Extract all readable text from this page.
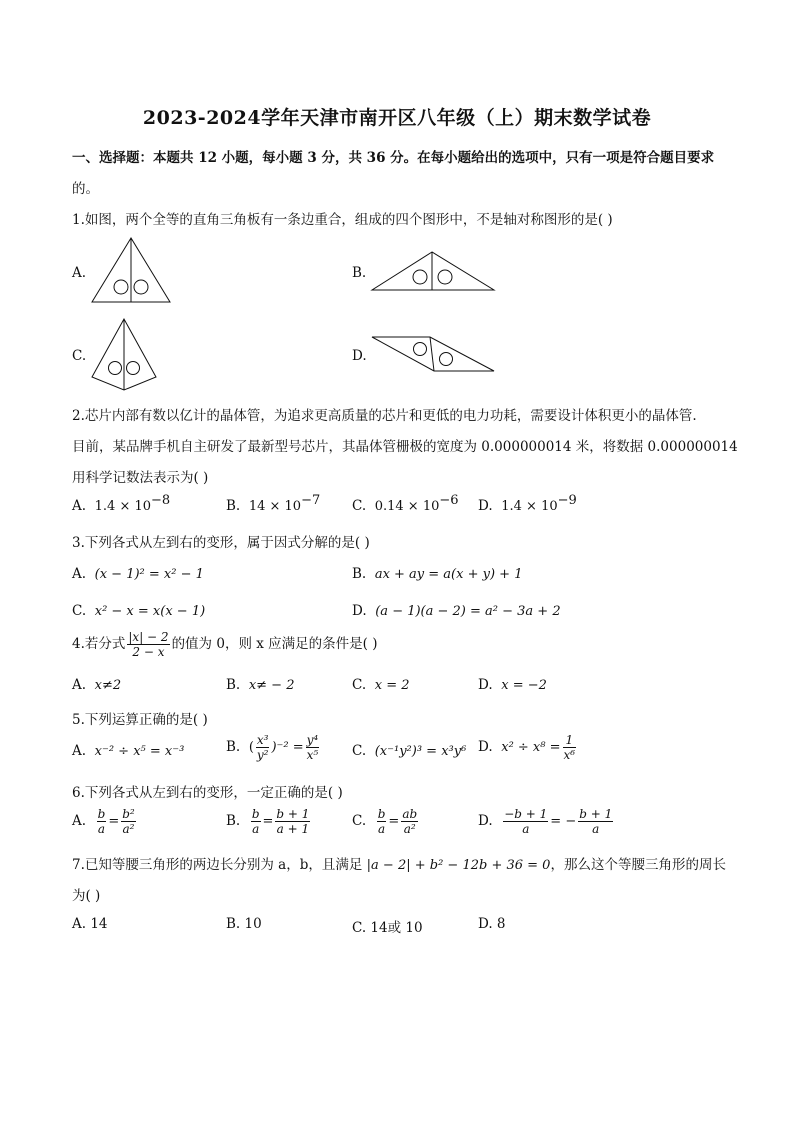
2023-2024学年天津市南开区八年级（上）期末数学试卷
一、选择题：本题共 12 小题，每小题 3 分，共 36 分。在每小题给出的选项中，只有一项是符合题目要求
的。
1.如图，两个全等的直角三角板有一条边重合，组成的四个图形中，不是轴对称图形的是( )
A.	B.
C.	D.
2.芯片内部有数以亿计的晶体管，为追求更高质量的芯片和更低的电力功耗，需要设计体积更小的晶体管.
目前，某品牌手机自主研发了最新型号芯片，其晶体管栅极的宽度为 0.000000014 米，将数据 0.000000014
用科学记数法表示为( )
A. $1.4 \times 10^{-8}$	B. $14 \times 10^{-7}$ C. $0.14 \times 10^{-6}$ D. $1.4 \times 10^{-9}$
3.下列各式从左到右的变形，属于因式分解的是( )
A. (x − 1)² = x² − 1	B. ax + ay = a(x + y) + 1
C. x² − x = x(x − 1)	D. (a − 1)(a − 2) = a² − 3a + 2
4.若分式 $\frac{|x| - 2}{2 - x}$ 的值为 0，则 x 应满足的条件是( )
A. x≠2	B. x≠ − 2	C. x = 2	D. x = −2
5.下列运算正确的是( )
A. x⁻² ÷ x⁵ = x⁻³	B. ( $\frac{\text{x³}}{\text{y²}} )^{-2} = \frac{\text{y⁴}}{\text{x⁵}} C$. (x⁻¹y²)³ = x³y⁶ D. $x^2 \div x^8 = \frac{1}{\text{x⁶}}$
6.下列各式从左到右的变形，一定正确的是( )
A. $\frac{b}{a} = \frac{\text{b²}}{\text{a²}}$	B. $\frac{b}{a} = \frac{b + 1}{a + 1}$	C. $\frac{b}{a} = \frac{ab}{\text{a²}}$	D. $\frac{-b + 1}{a}$ = − $\frac{b + 1}{a}$
7.已知等腰三角形的两边长分别为 a，b，且满足 |a − 2| + b² − 12b + 36 = 0，那么这个等腰三角形的周长
为( )
A. 14	B. 10	C. 14或 10	D. 8
